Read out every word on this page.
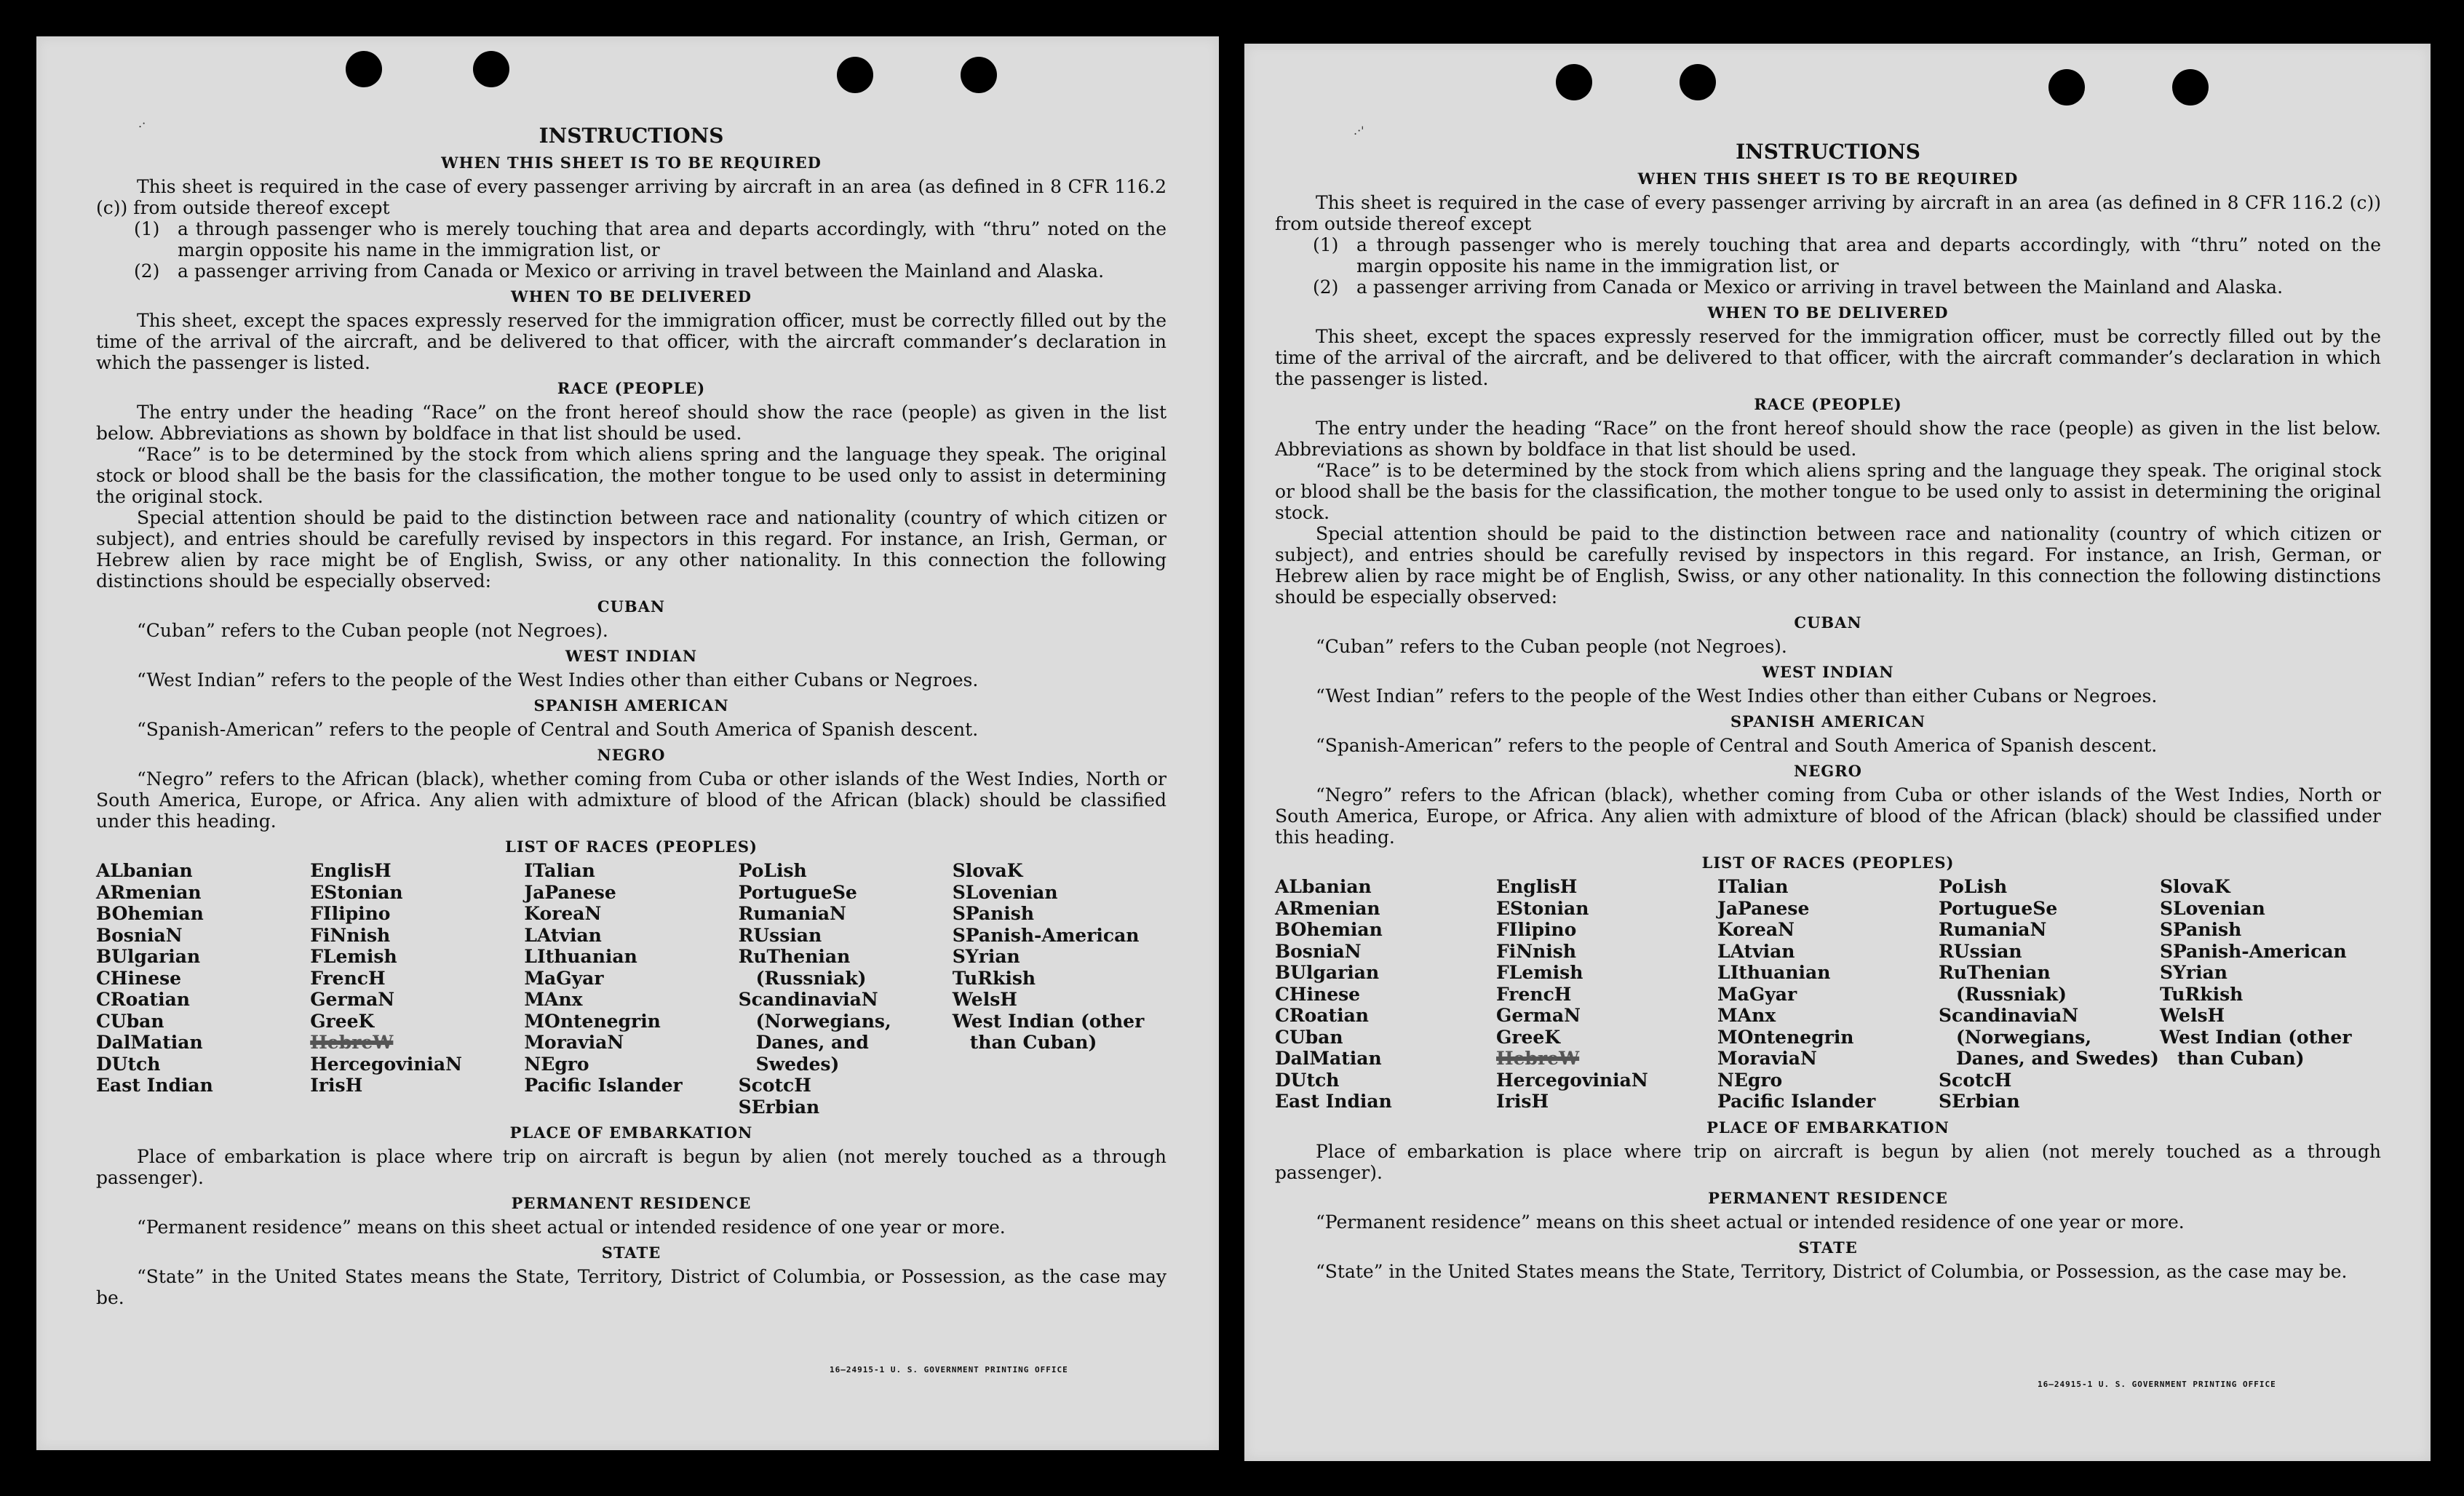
.·
INSTRUCTIONS
WHEN THIS SHEET IS TO BE REQUIRED

This sheet is required in the case of every passenger arriving by aircraft in an area (as defined in 8 CFR 116.2 (c)) from outside thereof except

(1) a through passenger who is merely touching that area and departs accordingly, with “thru” noted on the margin opposite his name in the immigration list, or
(2) a passenger arriving from Canada or Mexico or arriving in travel between the Mainland and Alaska.
WHEN TO BE DELIVERED

This sheet, except the spaces expressly reserved for the immigration officer, must be correctly filled out by the time of the arrival of the aircraft, and be delivered to that officer, with the aircraft commander’s declaration in which the passenger is listed.

RACE (PEOPLE)

The entry under the heading “Race” on the front hereof should show the race (people) as given in the list below. Abbreviations as shown by boldface in that list should be used.

“Race” is to be determined by the stock from which aliens spring and the language they speak. The original stock or blood shall be the basis for the classification, the mother tongue to be used only to assist in determining the original stock.

Special attention should be paid to the distinction between race and nationality (country of which citizen or subject), and entries should be carefully revised by inspectors in this regard. For instance, an Irish, German, or Hebrew alien by race might be of English, Swiss, or any other nationality. In this connection the following distinctions should be especially observed:

CUBAN

“Cuban” refers to the Cuban people (not Negroes).

WEST INDIAN

“West Indian” refers to the people of the West Indies other than either Cubans or Negroes.

SPANISH AMERICAN

“Spanish-American” refers to the people of Central and South America of Spanish descent.

NEGRO

“Negro” refers to the African (black), whether coming from Cuba or other islands of the West Indies, North or South America, Europe, or Africa. Any alien with admixture of blood of the African (black) should be classified under this heading.

LIST OF RACES (PEOPLES)
ALbanian
ARmenian
BOhemian
BosniaN
BUlgarian
CHinese
CRoatian
CUban
DalMatian
DUtch
East Indian
EnglisH
EStonian
FIlipino
FiNnish
FLemish
FrencH
GermaN
GreeK
HebreW
HercegoviniaN
IrisH
ITalian
JaPanese
KoreaN
LAtvian
LIthuanian
MaGyar
MAnx
MOntenegrin
MoraviaN
NEgro
Pacific Islander
PoLish
PortugueSe
RumaniaN
RUssian
RuThenian (Russniak)
ScandinaviaN (Norwegians, Danes, and Swedes)
ScotcH
SErbian
SlovaK
SLovenian
SPanish
SPanish-American
SYrian
TuRkish
WelsH
West Indian (other than Cuban)
PLACE OF EMBARKATION

Place of embarkation is place where trip on aircraft is begun by alien (not merely touched as a through passenger).

PERMANENT RESIDENCE

“Permanent residence” means on this sheet actual or intended residence of one year or more.

STATE

“State” in the United States means the State, Territory, District of Columbia, or Possession, as the case may be.

16—24915-1 U. S. GOVERNMENT PRINTING OFFICE
.·'
INSTRUCTIONS
WHEN THIS SHEET IS TO BE REQUIRED

This sheet is required in the case of every passenger arriving by aircraft in an area (as defined in 8 CFR 116.2 (c)) from outside thereof except

(1) a through passenger who is merely touching that area and departs accordingly, with “thru” noted on the margin opposite his name in the immigration list, or
(2) a passenger arriving from Canada or Mexico or arriving in travel between the Mainland and Alaska.
WHEN TO BE DELIVERED

This sheet, except the spaces expressly reserved for the immigration officer, must be correctly filled out by the time of the arrival of the aircraft, and be delivered to that officer, with the aircraft commander’s declaration in which the passenger is listed.

RACE (PEOPLE)

The entry under the heading “Race” on the front hereof should show the race (people) as given in the list below. Abbreviations as shown by boldface in that list should be used.

“Race” is to be determined by the stock from which aliens spring and the language they speak. The original stock or blood shall be the basis for the classification, the mother tongue to be used only to assist in determining the original stock.

Special attention should be paid to the distinction between race and nationality (country of which citizen or subject), and entries should be carefully revised by inspectors in this regard. For instance, an Irish, German, or Hebrew alien by race might be of English, Swiss, or any other nationality. In this connection the following distinctions should be especially observed:

CUBAN

“Cuban” refers to the Cuban people (not Negroes).

WEST INDIAN

“West Indian” refers to the people of the West Indies other than either Cubans or Negroes.

SPANISH AMERICAN

“Spanish-American” refers to the people of Central and South America of Spanish descent.

NEGRO

“Negro” refers to the African (black), whether coming from Cuba or other islands of the West Indies, North or South America, Europe, or Africa. Any alien with admixture of blood of the African (black) should be classified under this heading.

LIST OF RACES (PEOPLES)
ALbanian
ARmenian
BOhemian
BosniaN
BUlgarian
CHinese
CRoatian
CUban
DalMatian
DUtch
East Indian
EnglisH
EStonian
FIlipino
FiNnish
FLemish
FrencH
GermaN
GreeK
HebreW
HercegoviniaN
IrisH
ITalian
JaPanese
KoreaN
LAtvian
LIthuanian
MaGyar
MAnx
MOntenegrin
MoraviaN
NEgro
Pacific Islander
PoLish
PortugueSe
RumaniaN
RUssian
RuThenian (Russniak)
ScandinaviaN (Norwegians, Danes, and Swedes)
ScotcH
SErbian
SlovaK
SLovenian
SPanish
SPanish-American
SYrian
TuRkish
WelsH
West Indian (other than Cuban)
PLACE OF EMBARKATION

Place of embarkation is place where trip on aircraft is begun by alien (not merely touched as a through passenger).

PERMANENT RESIDENCE

“Permanent residence” means on this sheet actual or intended residence of one year or more.

STATE

“State” in the United States means the State, Territory, District of Columbia, or Possession, as the case may be.

16—24915-1 U. S. GOVERNMENT PRINTING OFFICE
